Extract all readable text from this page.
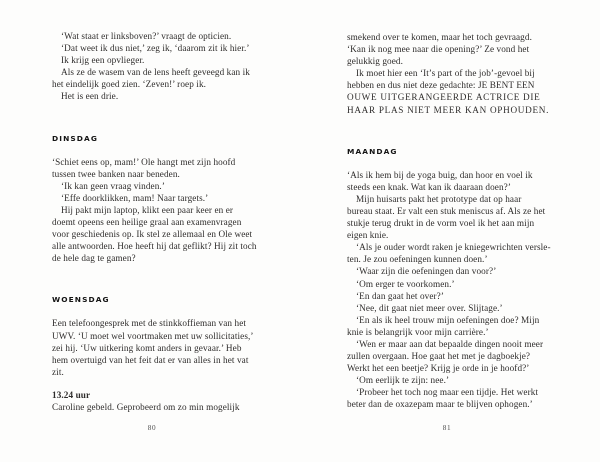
‘Wat staat er linksboven?’ vraagt de opticien.
‘Dat weet ik dus niet,’ zeg ik, ‘daarom zit ik hier.’
Ik krijg een opvlieger.
Als ze de wasem van de lens heeft geveegd kan ik
het eindelijk goed zien. ‘Zeven!’ roep ik.
Het is een drie.
DINSDAG
‘Schiet eens op, mam!’ Ole hangt met zijn hoofd
tussen twee banken naar beneden.
‘Ik kan geen vraag vinden.’
‘Effe doorklikken, mam! Naar targets.’
Hij pakt mijn laptop, klikt een paar keer en er
doemt opeens een heilige graal aan examenvragen
voor geschiedenis op. Ik stel ze allemaal en Ole weet
alle antwoorden. Hoe heeft hij dat geflikt? Hij zit toch
de hele dag te gamen?
WOENSDAG
Een telefoongesprek met de stinkkoffieman van het
UWV. ‘U moet wel voortmaken met uw sollicitaties,’
zei hij. ‘Uw uitkering komt anders in gevaar.’ Heb
hem overtuigd van het feit dat er van alles in het vat
zit.
13.24 uur
Caroline gebeld. Geprobeerd om zo min mogelijk
smekend over te komen, maar het toch gevraagd.
‘Kan ik nog mee naar die opening?’ Ze vond het
gelukkig goed.
Ik moet hier een ‘It’s part of the job’-gevoel bij
hebben en dus niet deze gedachte: JE BENT EEN
OUWE UITGERANGEERDE ACTRICE DIE
HAAR PLAS NIET MEER KAN OPHOUDEN.
MAANDAG
‘Als ik hem bij de yoga buig, dan hoor en voel ik
steeds een knak. Wat kan ik daaraan doen?’
Mijn huisarts pakt het prototype dat op haar
bureau staat. Er valt een stuk meniscus af. Als ze het
stukje terug drukt in de vorm voel ik het aan mijn
eigen knie.
‘Als je ouder wordt raken je kniegewrichten versle-
ten. Je zou oefeningen kunnen doen.’
‘Waar zijn die oefeningen dan voor?’
‘Om erger te voorkomen.’
‘En dan gaat het over?’
‘Nee, dit gaat niet meer over. Slijtage.’
‘En als ik heel trouw mijn oefeningen doe? Mijn
knie is belangrijk voor mijn carrière.’
‘Wen er maar aan dat bepaalde dingen nooit meer
zullen overgaan. Hoe gaat het met je dagboekje?
Werkt het een beetje? Krijg je orde in je hoofd?’
‘Om eerlijk te zijn: nee.’
‘Probeer het toch nog maar een tijdje. Het werkt
beter dan de oxazepam maar te blijven ophogen.’
80	81
